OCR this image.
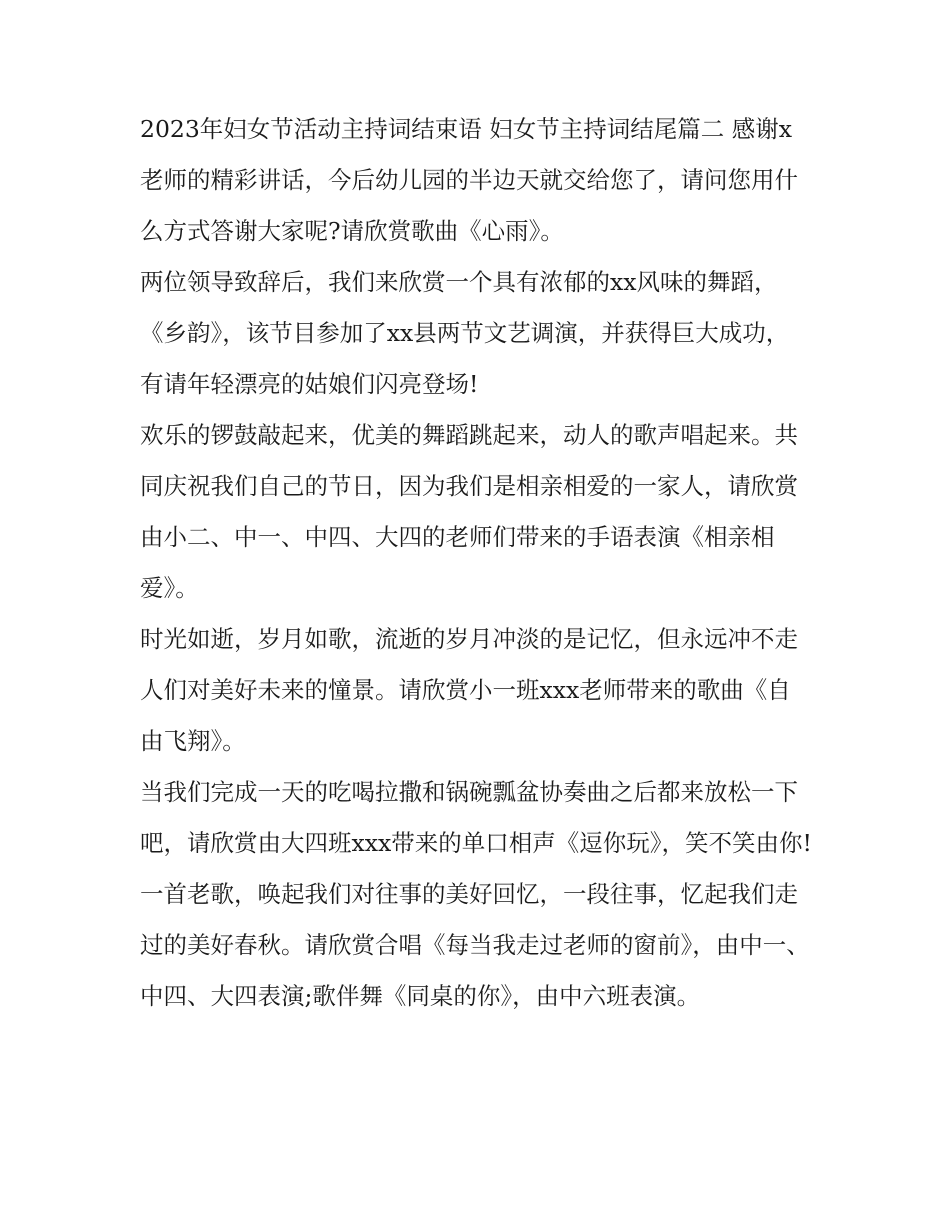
2023年妇女节活动主持词结束语 妇女节主持词结尾篇二 感谢x老师的精彩讲话，今后幼儿园的半边天就交给您了，请问您用什么方式答谢大家呢?请欣赏歌曲《心雨》。

两位领导致辞后，我们来欣赏一个具有浓郁的xx风味的舞蹈，《乡韵》，该节目参加了xx县两节文艺调演，并获得巨大成功，有请年轻漂亮的姑娘们闪亮登场!

欢乐的锣鼓敲起来，优美的舞蹈跳起来，动人的歌声唱起来。共同庆祝我们自己的节日，因为我们是相亲相爱的一家人，请欣赏由小二、中一、中四、大四的老师们带来的手语表演《相亲相爱》。

时光如逝，岁月如歌，流逝的岁月冲淡的是记忆，但永远冲不走人们对美好未来的憧景。请欣赏小一班xxx老师带来的歌曲《自由飞翔》。

当我们完成一天的吃喝拉撒和锅碗瓢盆协奏曲之后都来放松一下吧，请欣赏由大四班xxx带来的单口相声《逗你玩》，笑不笑由你!

一首老歌，唤起我们对往事的美好回忆，一段往事，忆起我们走过的美好春秋。请欣赏合唱《每当我走过老师的窗前》，由中一、中四、大四表演;歌伴舞《同桌的你》，由中六班表演。
